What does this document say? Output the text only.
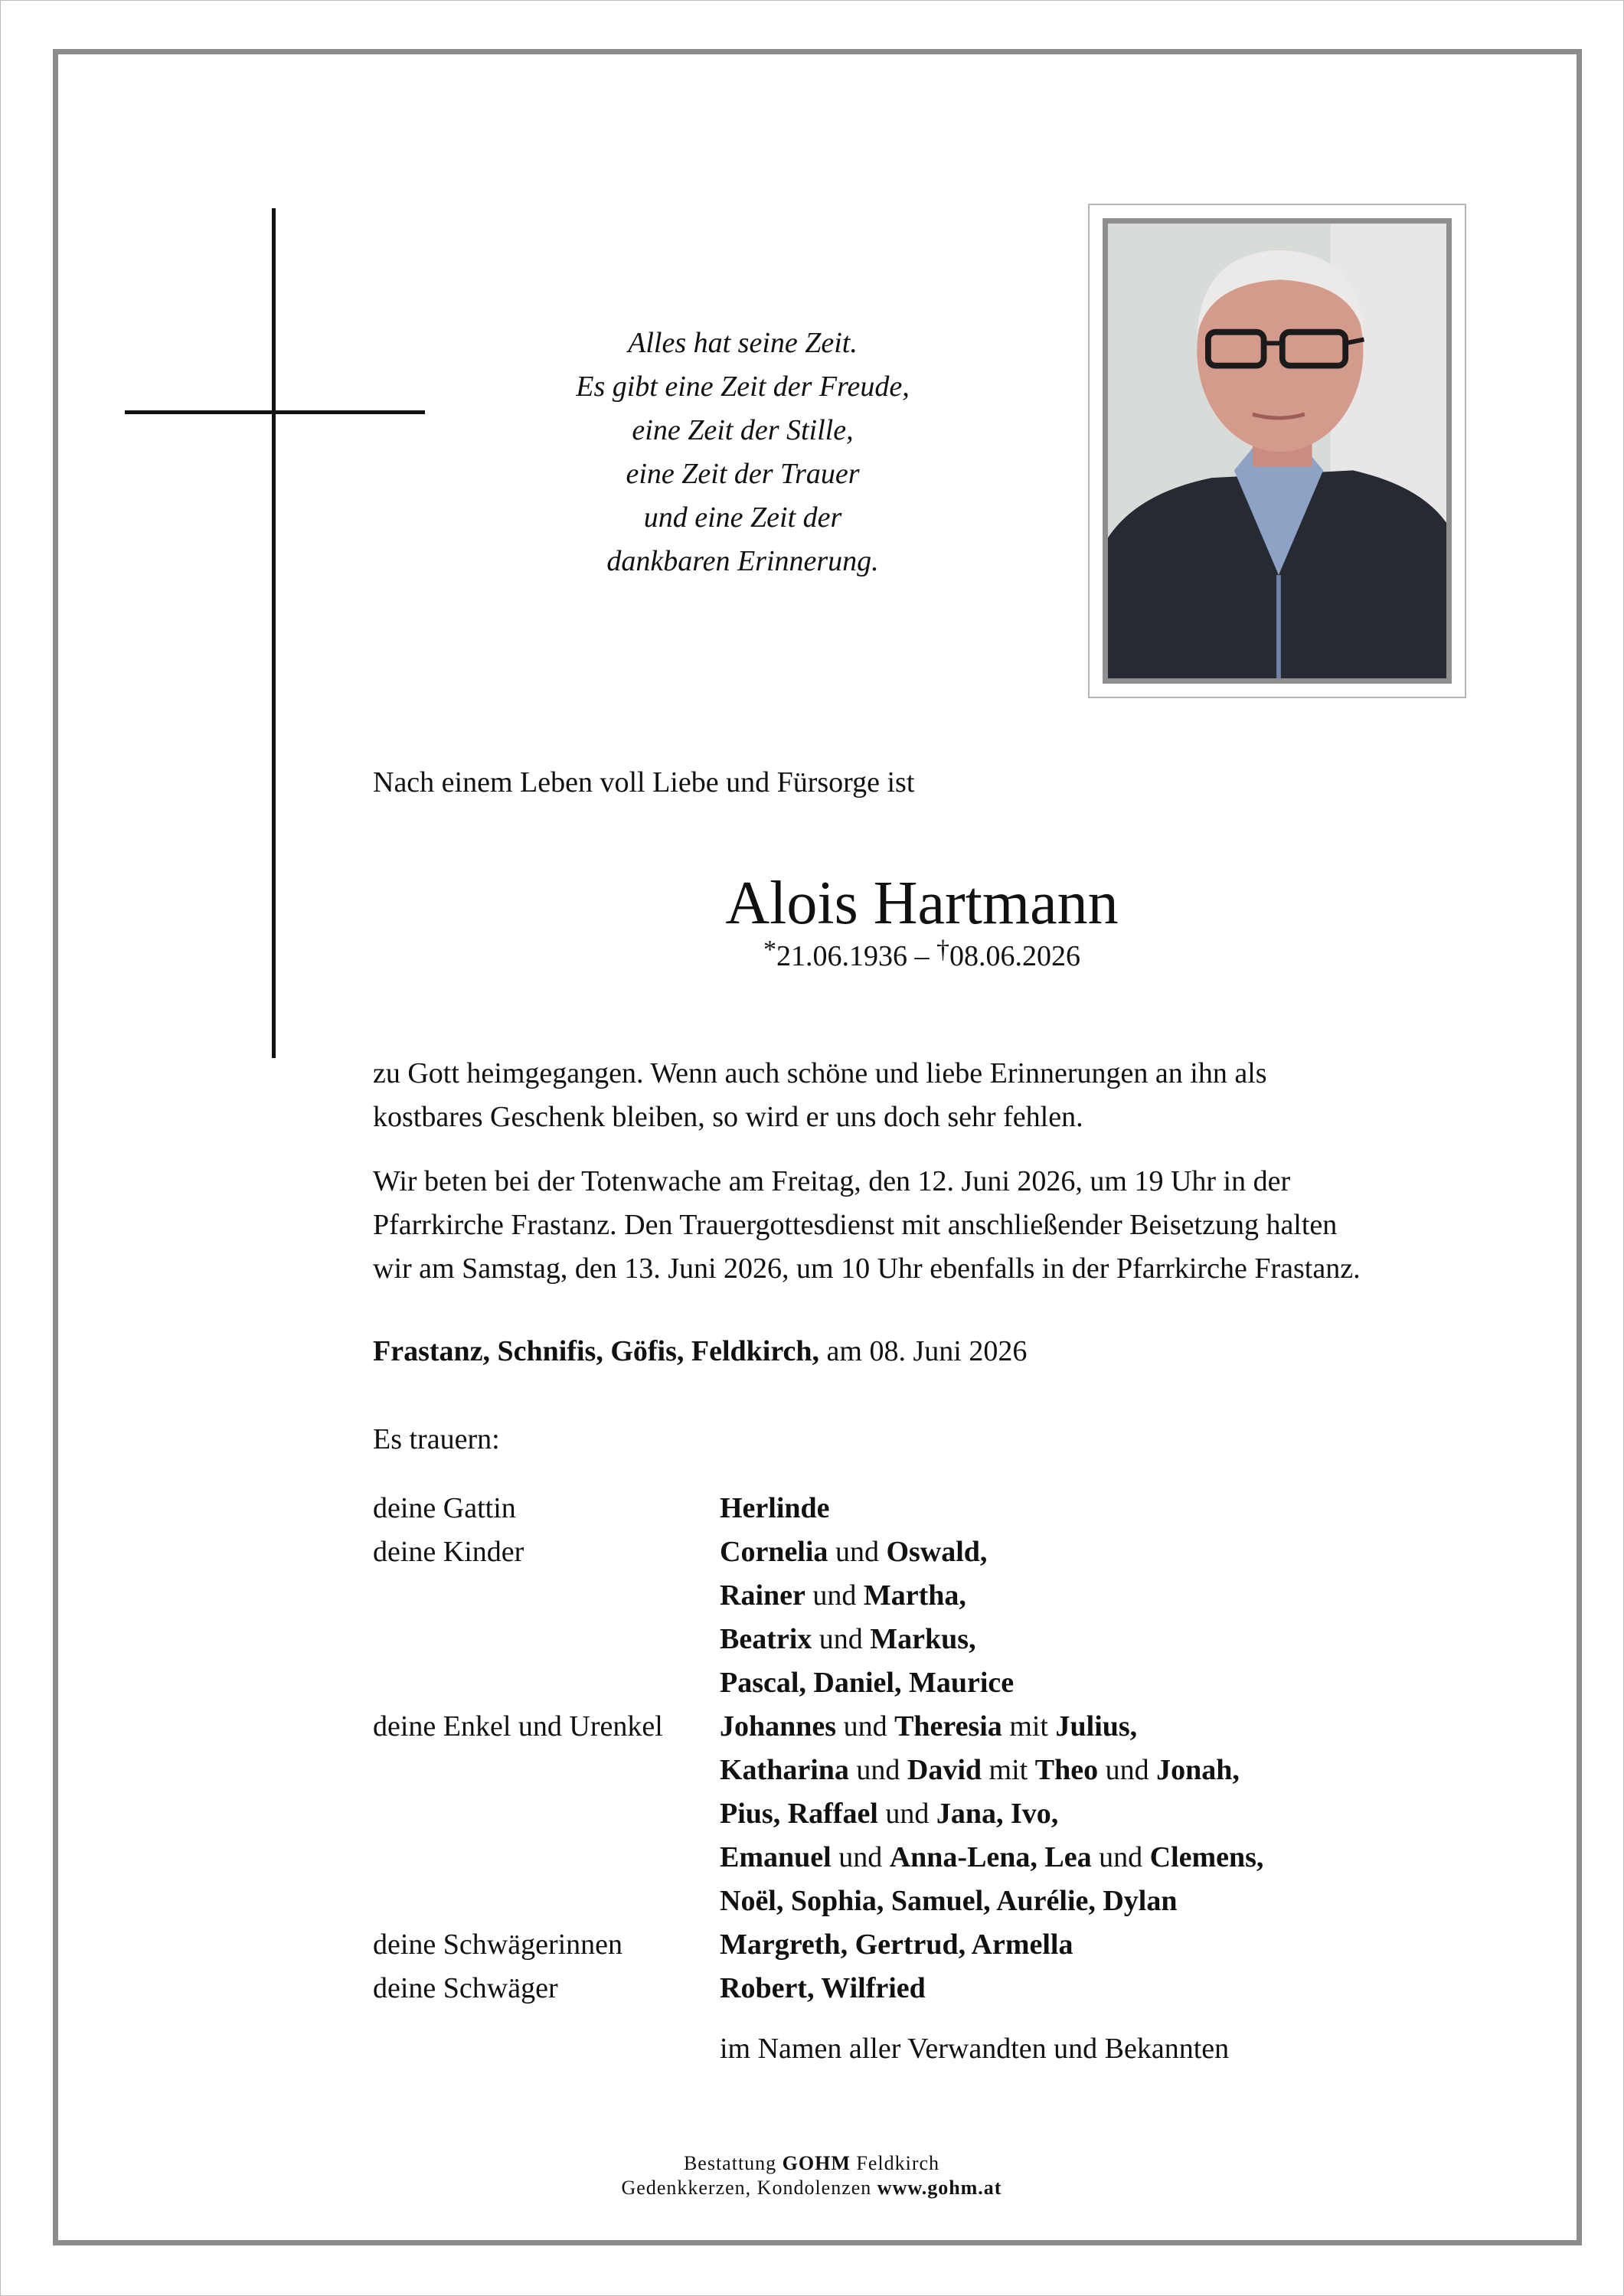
Alles hat seine Zeit.
Es gibt eine Zeit der Freude,
eine Zeit der Stille,
eine Zeit der Trauer
und eine Zeit der
dankbaren Erinnerung.
Nach einem Leben voll Liebe und Fürsorge ist
Alois Hartmann
*21.06.1936 – †08.06.2026
zu Gott heimgegangen. Wenn auch schöne und liebe Erinnerungen an ihn als
kostbares Geschenk bleiben, so wird er uns doch sehr fehlen.
Wir beten bei der Totenwache am Freitag, den 12. Juni 2026, um 19 Uhr in der
Pfarrkirche Frastanz. Den Trauergottesdienst mit anschließender Beisetzung halten
wir am Samstag, den 13. Juni 2026, um 10 Uhr ebenfalls in der Pfarrkirche Frastanz.
Frastanz, Schnifis, Göfis, Feldkirch, am 08. Juni 2026
Es trauern:
deine Gattin	Herlinde
deine Kinder	Cornelia und Oswald,
Rainer und Martha,
Beatrix und Markus,
Pascal, Daniel, Maurice
deine Enkel und Urenkel	Johannes und Theresia mit Julius,
Katharina und David mit Theo und Jonah,
Pius, Raffael und Jana, Ivo,
Emanuel und Anna-Lena, Lea und Clemens,
Noël, Sophia, Samuel, Aurélie, Dylan
deine Schwägerinnen	Margreth, Gertrud, Armella
deine Schwäger	Robert, Wilfried
im Namen aller Verwandten und Bekannten
Bestattung GOHM Feldkirch
Gedenkkerzen, Kondolenzen www.gohm.at
